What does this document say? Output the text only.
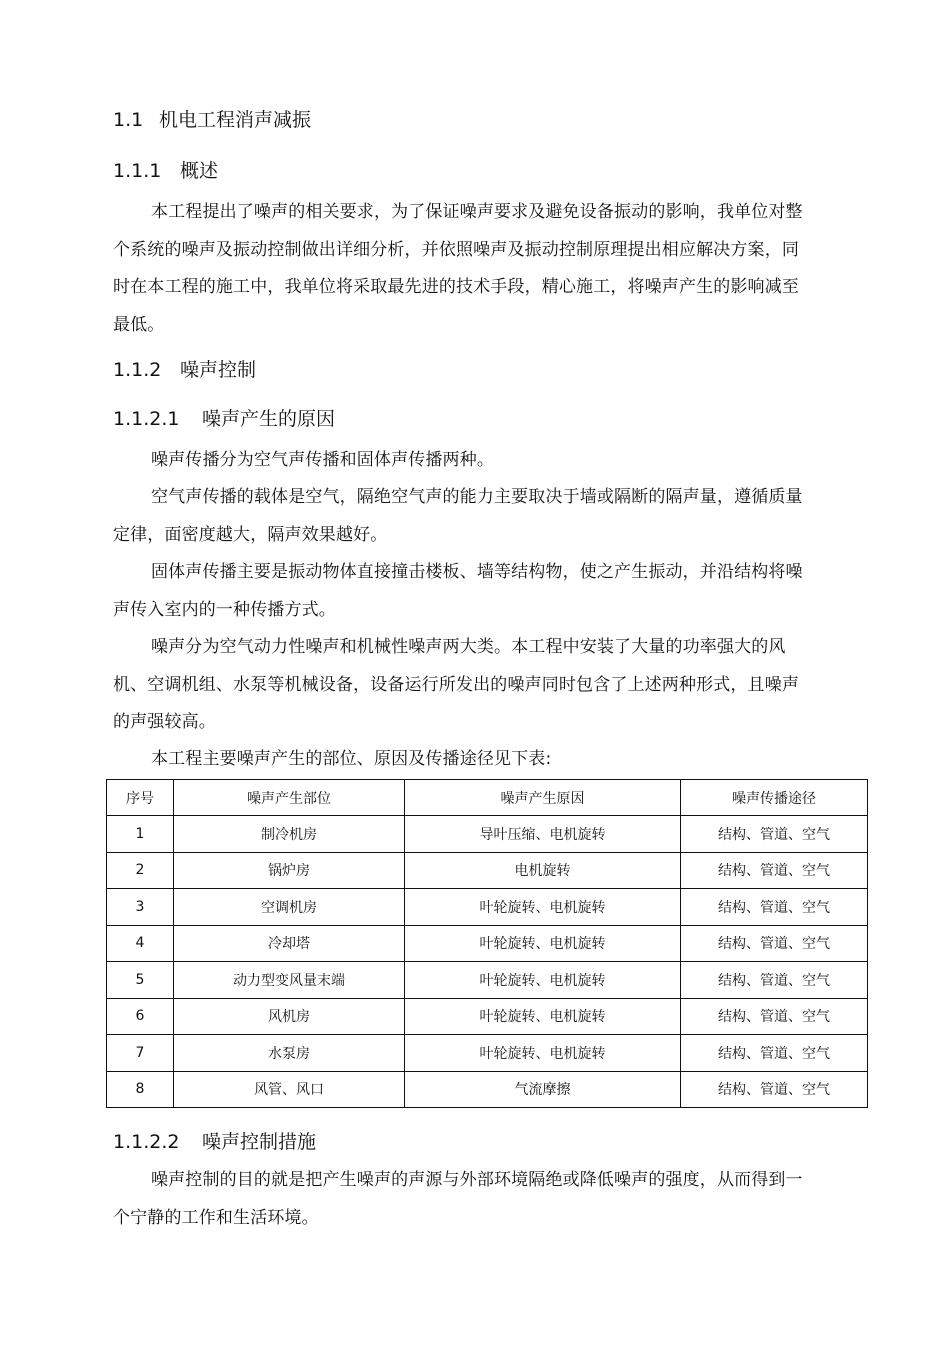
1.1 机电工程消声减振
1.1.1 概述

本工程提出了噪声的相关要求，为了保证噪声要求及避免设备振动的影响，我单位对整个系统的噪声及振动控制做出详细分析，并依照噪声及振动控制原理提出相应解决方案，同时在本工程的施工中，我单位将采取最先进的技术手段，精心施工，将噪声产生的影响减至最低。

1.1.2 噪声控制
1.1.2.1 噪声产生的原因

噪声传播分为空气声传播和固体声传播两种。

空气声传播的载体是空气，隔绝空气声的能力主要取决于墙或隔断的隔声量，遵循质量定律，面密度越大，隔声效果越好。

固体声传播主要是振动物体直接撞击楼板、墙等结构物，使之产生振动，并沿结构将噪声传入室内的一种传播方式。

噪声分为空气动力性噪声和机械性噪声两大类。本工程中安装了大量的功率强大的风机、空调机组、水泵等机械设备，设备运行所发出的噪声同时包含了上述两种形式，且噪声的声强较高。

本工程主要噪声产生的部位、原因及传播途径见下表:

序号	噪声产生部位	噪声产生原因	噪声传播途径
1	制冷机房	导叶压缩、电机旋转	结构、管道、空气
2	锅炉房	电机旋转	结构、管道、空气
3	空调机房	叶轮旋转、电机旋转	结构、管道、空气
4	冷却塔	叶轮旋转、电机旋转	结构、管道、空气
5	动力型变风量末端	叶轮旋转、电机旋转	结构、管道、空气
6	风机房	叶轮旋转、电机旋转	结构、管道、空气
7	水泵房	叶轮旋转、电机旋转	结构、管道、空气
8	风管、风口	气流摩擦	结构、管道、空气
1.1.2.2 噪声控制措施

噪声控制的目的就是把产生噪声的声源与外部环境隔绝或降低噪声的强度，从而得到一个宁静的工作和生活环境。
